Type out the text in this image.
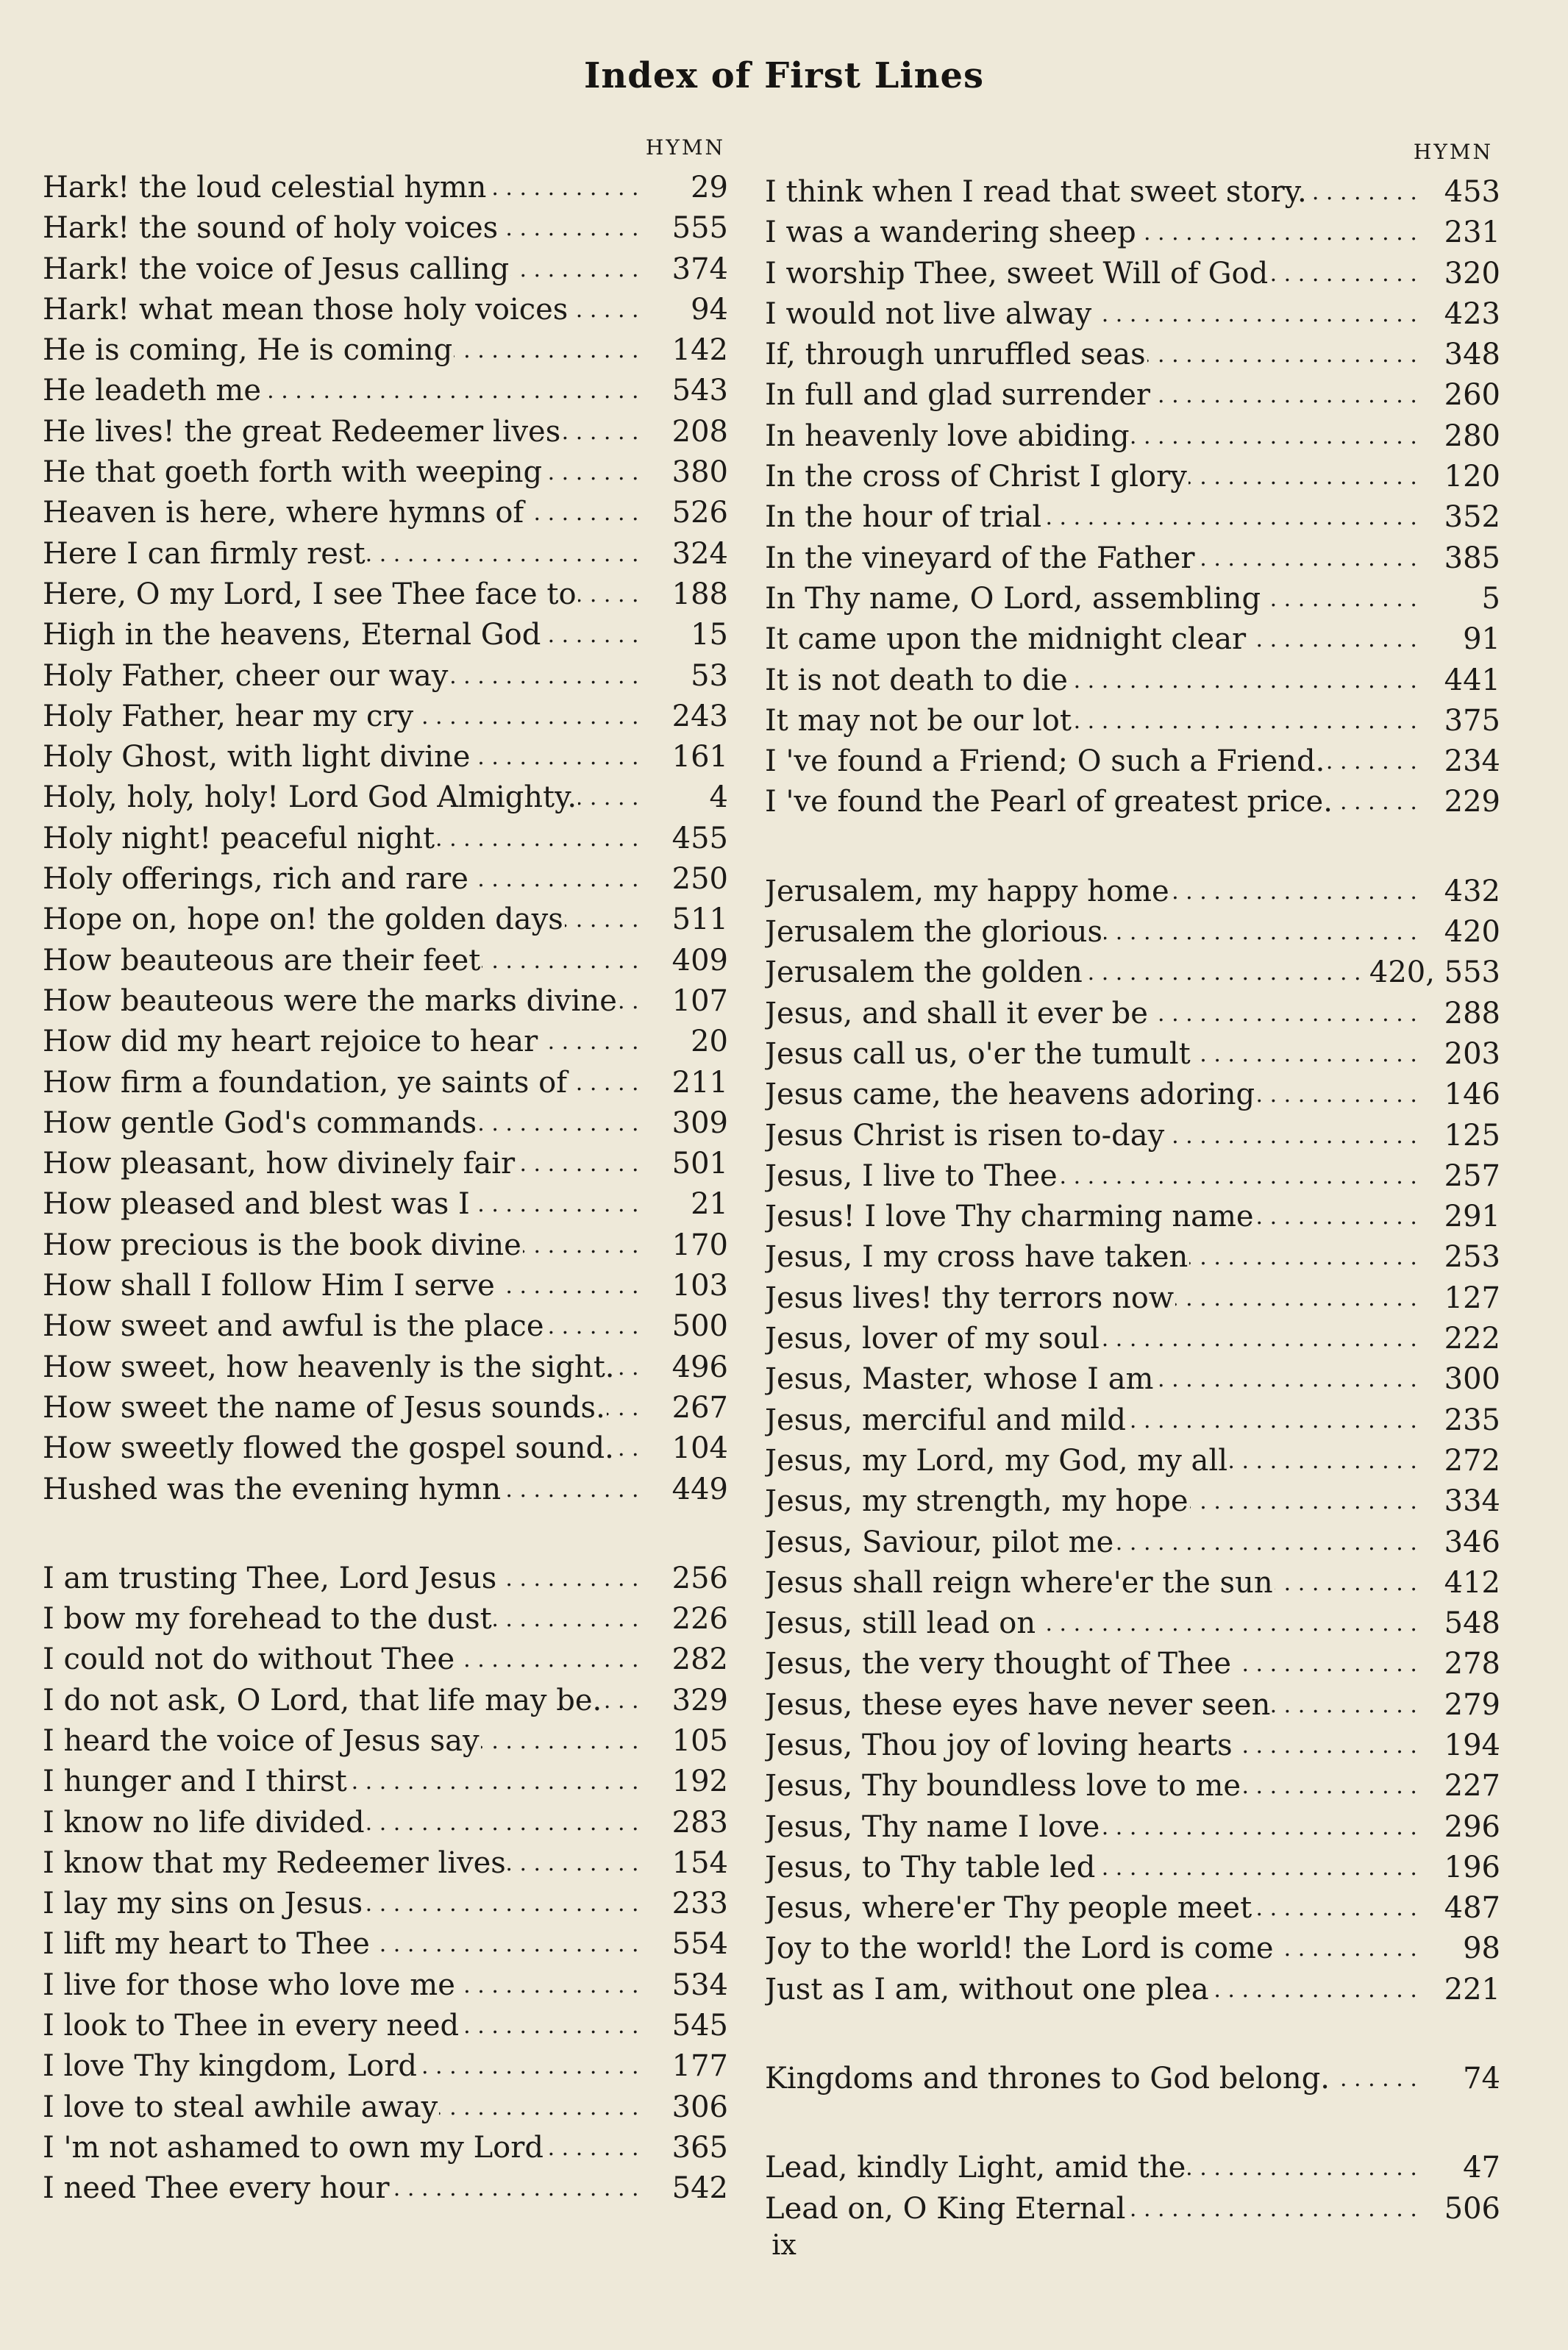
Index of First Lines
HYMN
Hark! the loud celestial hymn . . .	29
Hark! the sound of holy voices . . .	555
Hark! the voice of Jesus calling . . .	374
Hark! what mean those holy voices . . .	94
He is coming, He is coming . . .	142
He leadeth me . . .	543
He lives! the great Redeemer lives . . .	208
He that goeth forth with weeping . . .	380
Heaven is here, where hymns of . . .	526
Here I can firmly rest . . .	324
Here, O my Lord, I see Thee face to . . .	188
High in the heavens, Eternal God . . .	15
Holy Father, cheer our way . . .	53
Holy Father, hear my cry . . .	243
Holy Ghost, with light divine . . .	161
Holy, holy, holy! Lord God Almighty. . . .	4
Holy night! peaceful night . . .	455
Holy offerings, rich and rare . . .	250
Hope on, hope on! the golden days . . .	511
How beauteous are their feet . . .	409
How beauteous were the marks divine . . .	107
How did my heart rejoice to hear . . .	20
How firm a foundation, ye saints of . . .	211
How gentle God's commands . . .	309
How pleasant, how divinely fair . . .	501
How pleased and blest was I . . .	21
How precious is the book divine . . .	170
How shall I follow Him I serve . . .	103
How sweet and awful is the place . . .	500
How sweet, how heavenly is the sight. . . .	496
How sweet the name of Jesus sounds. . . .	267
How sweetly flowed the gospel sound. . . .	104
Hushed was the evening hymn . . .	449
I am trusting Thee, Lord Jesus . . .	256
I bow my forehead to the dust . . .	226
I could not do without Thee . . .	282
I do not ask, O Lord, that life may be. . . .	329
I heard the voice of Jesus say . . .	105
I hunger and I thirst . . .	192
I know no life divided . . .	283
I know that my Redeemer lives . . .	154
I lay my sins on Jesus . . .	233
I lift my heart to Thee . . .	554
I live for those who love me . . .	534
I look to Thee in every need . . .	545
I love Thy kingdom, Lord . . .	177
I love to steal awhile away . . .	306
I 'm not ashamed to own my Lord . . .	365
I need Thee every hour . . .	542
HYMN
I think when I read that sweet story. . . .	453
I was a wandering sheep . . .	231
I worship Thee, sweet Will of God . . .	320
I would not live alway . . .	423
If, through unruffled seas . . .	348
In full and glad surrender . . .	260
In heavenly love abiding . . .	280
In the cross of Christ I glory . . .	120
In the hour of trial . . .	352
In the vineyard of the Father . . .	385
In Thy name, O Lord, assembling . . .	5
It came upon the midnight clear . . .	91
It is not death to die . . .	441
It may not be our lot . . .	375
I 've found a Friend; O such a Friend. . . .	234
I 've found the Pearl of greatest price. . . .	229
Jerusalem, my happy home . . .	432
Jerusalem the glorious . . .	420
Jerusalem the golden . . .	420, 553
Jesus, and shall it ever be . . .	288
Jesus call us, o'er the tumult . . .	203
Jesus came, the heavens adoring . . .	146
Jesus Christ is risen to-day . . .	125
Jesus, I live to Thee . . .	257
Jesus! I love Thy charming name . . .	291
Jesus, I my cross have taken . . .	253
Jesus lives! thy terrors now . . .	127
Jesus, lover of my soul . . .	222
Jesus, Master, whose I am . . .	300
Jesus, merciful and mild . . .	235
Jesus, my Lord, my God, my all . . .	272
Jesus, my strength, my hope . . .	334
Jesus, Saviour, pilot me . . .	346
Jesus shall reign where'er the sun . . .	412
Jesus, still lead on . . .	548
Jesus, the very thought of Thee . . .	278
Jesus, these eyes have never seen . . .	279
Jesus, Thou joy of loving hearts . . .	194
Jesus, Thy boundless love to me . . .	227
Jesus, Thy name I love . . .	296
Jesus, to Thy table led . . .	196
Jesus, where'er Thy people meet . . .	487
Joy to the world! the Lord is come . . .	98
Just as I am, without one plea . . .	221
Kingdoms and thrones to God belong. . . .	74
Lead, kindly Light, amid the . . .	47
Lead on, O King Eternal . . .	506
ix
